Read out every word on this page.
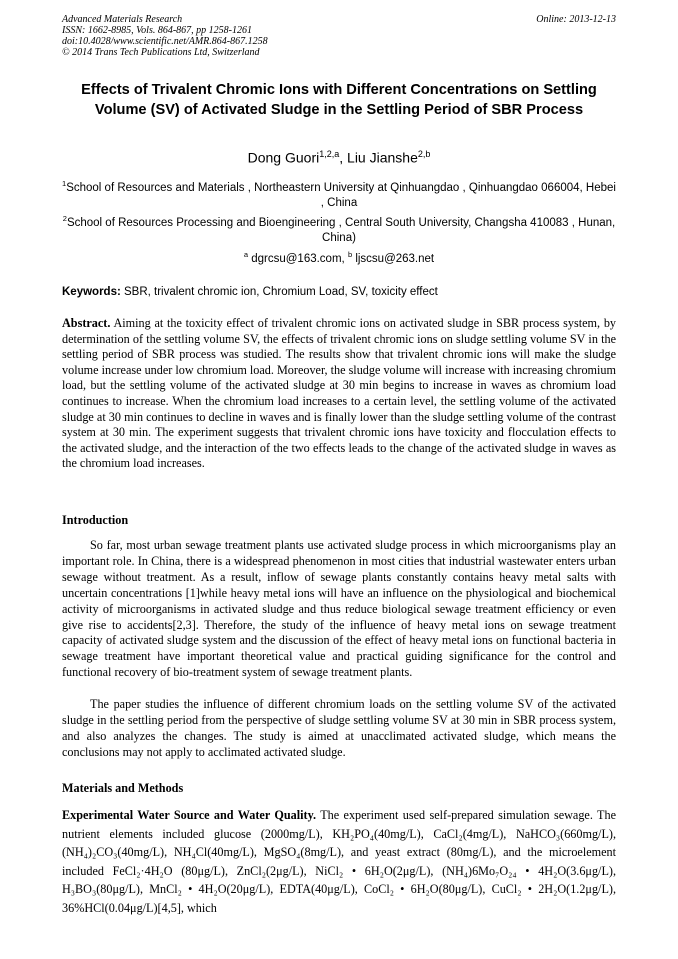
Advanced Materials Research
ISSN: 1662-8985, Vols. 864-867, pp 1258-1261
doi:10.4028/www.scientific.net/AMR.864-867.1258
© 2014 Trans Tech Publications Ltd, Switzerland
Online: 2013-12-13
Effects of Trivalent Chromic Ions with Different Concentrations on Settling Volume (SV) of Activated Sludge in the Settling Period of SBR Process
Dong Guori$^{1,2,a}$, Liu Jianshe$^{2,b}$
$^1$School of Resources and Materials , Northeastern University at Qinhuangdao , Qinhuangdao 066004, Hebei , China
$^2$School of Resources Processing and Bioengineering , Central South University, Changsha 410083 , Hunan, China)
$^a$ dgrcsu@163.com, $^b$ ljscsu@263.net
Keywords: SBR, trivalent chromic ion, Chromium Load, SV, toxicity effect
Abstract. Aiming at the toxicity effect of trivalent chromic ions on activated sludge in SBR process system, by determination of the settling volume SV, the effects of trivalent chromic ions on sludge settling volume SV in the settling period of SBR process was studied. The results show that trivalent chromic ions will make the sludge volume increase under low chromium load. Moreover, the sludge volume will increase with increasing chromium load, but the settling volume of the activated sludge at 30 min begins to increase in waves as chromium load continues to increase. When the chromium load increases to a certain level, the settling volume of the activated sludge at 30 min continues to decline in waves and is finally lower than the sludge settling volume of the contrast system at 30 min. The experiment suggests that trivalent chromic ions have toxicity and flocculation effects to the activated sludge, and the interaction of the two effects leads to the change of the activated sludge in waves as the chromium load increases.
Introduction
So far, most urban sewage treatment plants use activated sludge process in which microorganisms play an important role. In China, there is a widespread phenomenon in most cities that industrial wastewater enters urban sewage without treatment. As a result, inflow of sewage plants constantly contains heavy metal salts with uncertain concentrations [1]while heavy metal ions will have an influence on the physiological and biochemical activity of microorganisms in activated sludge and thus reduce biological sewage treatment efficiency or even give rise to accidents[2,3]. Therefore, the study of the influence of heavy metal ions on sewage treatment capacity of activated sludge system and the discussion of the effect of heavy metal ions on functional bacteria in sewage treatment have important theoretical value and practical guiding significance for the control and functional recovery of bio-treatment system of sewage treatment plants.
The paper studies the influence of different chromium loads on the settling volume SV of the activated sludge in the settling period from the perspective of sludge settling volume SV at 30 min in SBR process system, and also analyzes the changes. The study is aimed at unacclimated activated sludge, which means the conclusions may not apply to acclimated activated sludge.
Materials and Methods
Experimental Water Source and Water Quality. The experiment used self-prepared simulation sewage. The nutrient elements included glucose (2000mg/L), KH₂PO₄(40mg/L), CaCl₂(4mg/L), NaHCO₃(660mg/L), (NH₄)₂CO₃(40mg/L), NH₄Cl(40mg/L), MgSO₄(8mg/L), and yeast extract (80mg/L), and the microelement included FeCl₂·4H₂O (80μg/L), ZnCl₂(2μg/L), NiCl₂ • 6H₂O(2μg/L), (NH₄)6Mo₇O₂₄ • 4H₂O(3.6μg/L), H₃BO₃(80μg/L), MnCl₂ • 4H₂O(20μg/L), EDTA(40μg/L), CoCl₂ • 6H₂O(80μg/L), CuCl₂ • 2H₂O(1.2μg/L), 36%HCl(0.04μg/L)[4,5], which
